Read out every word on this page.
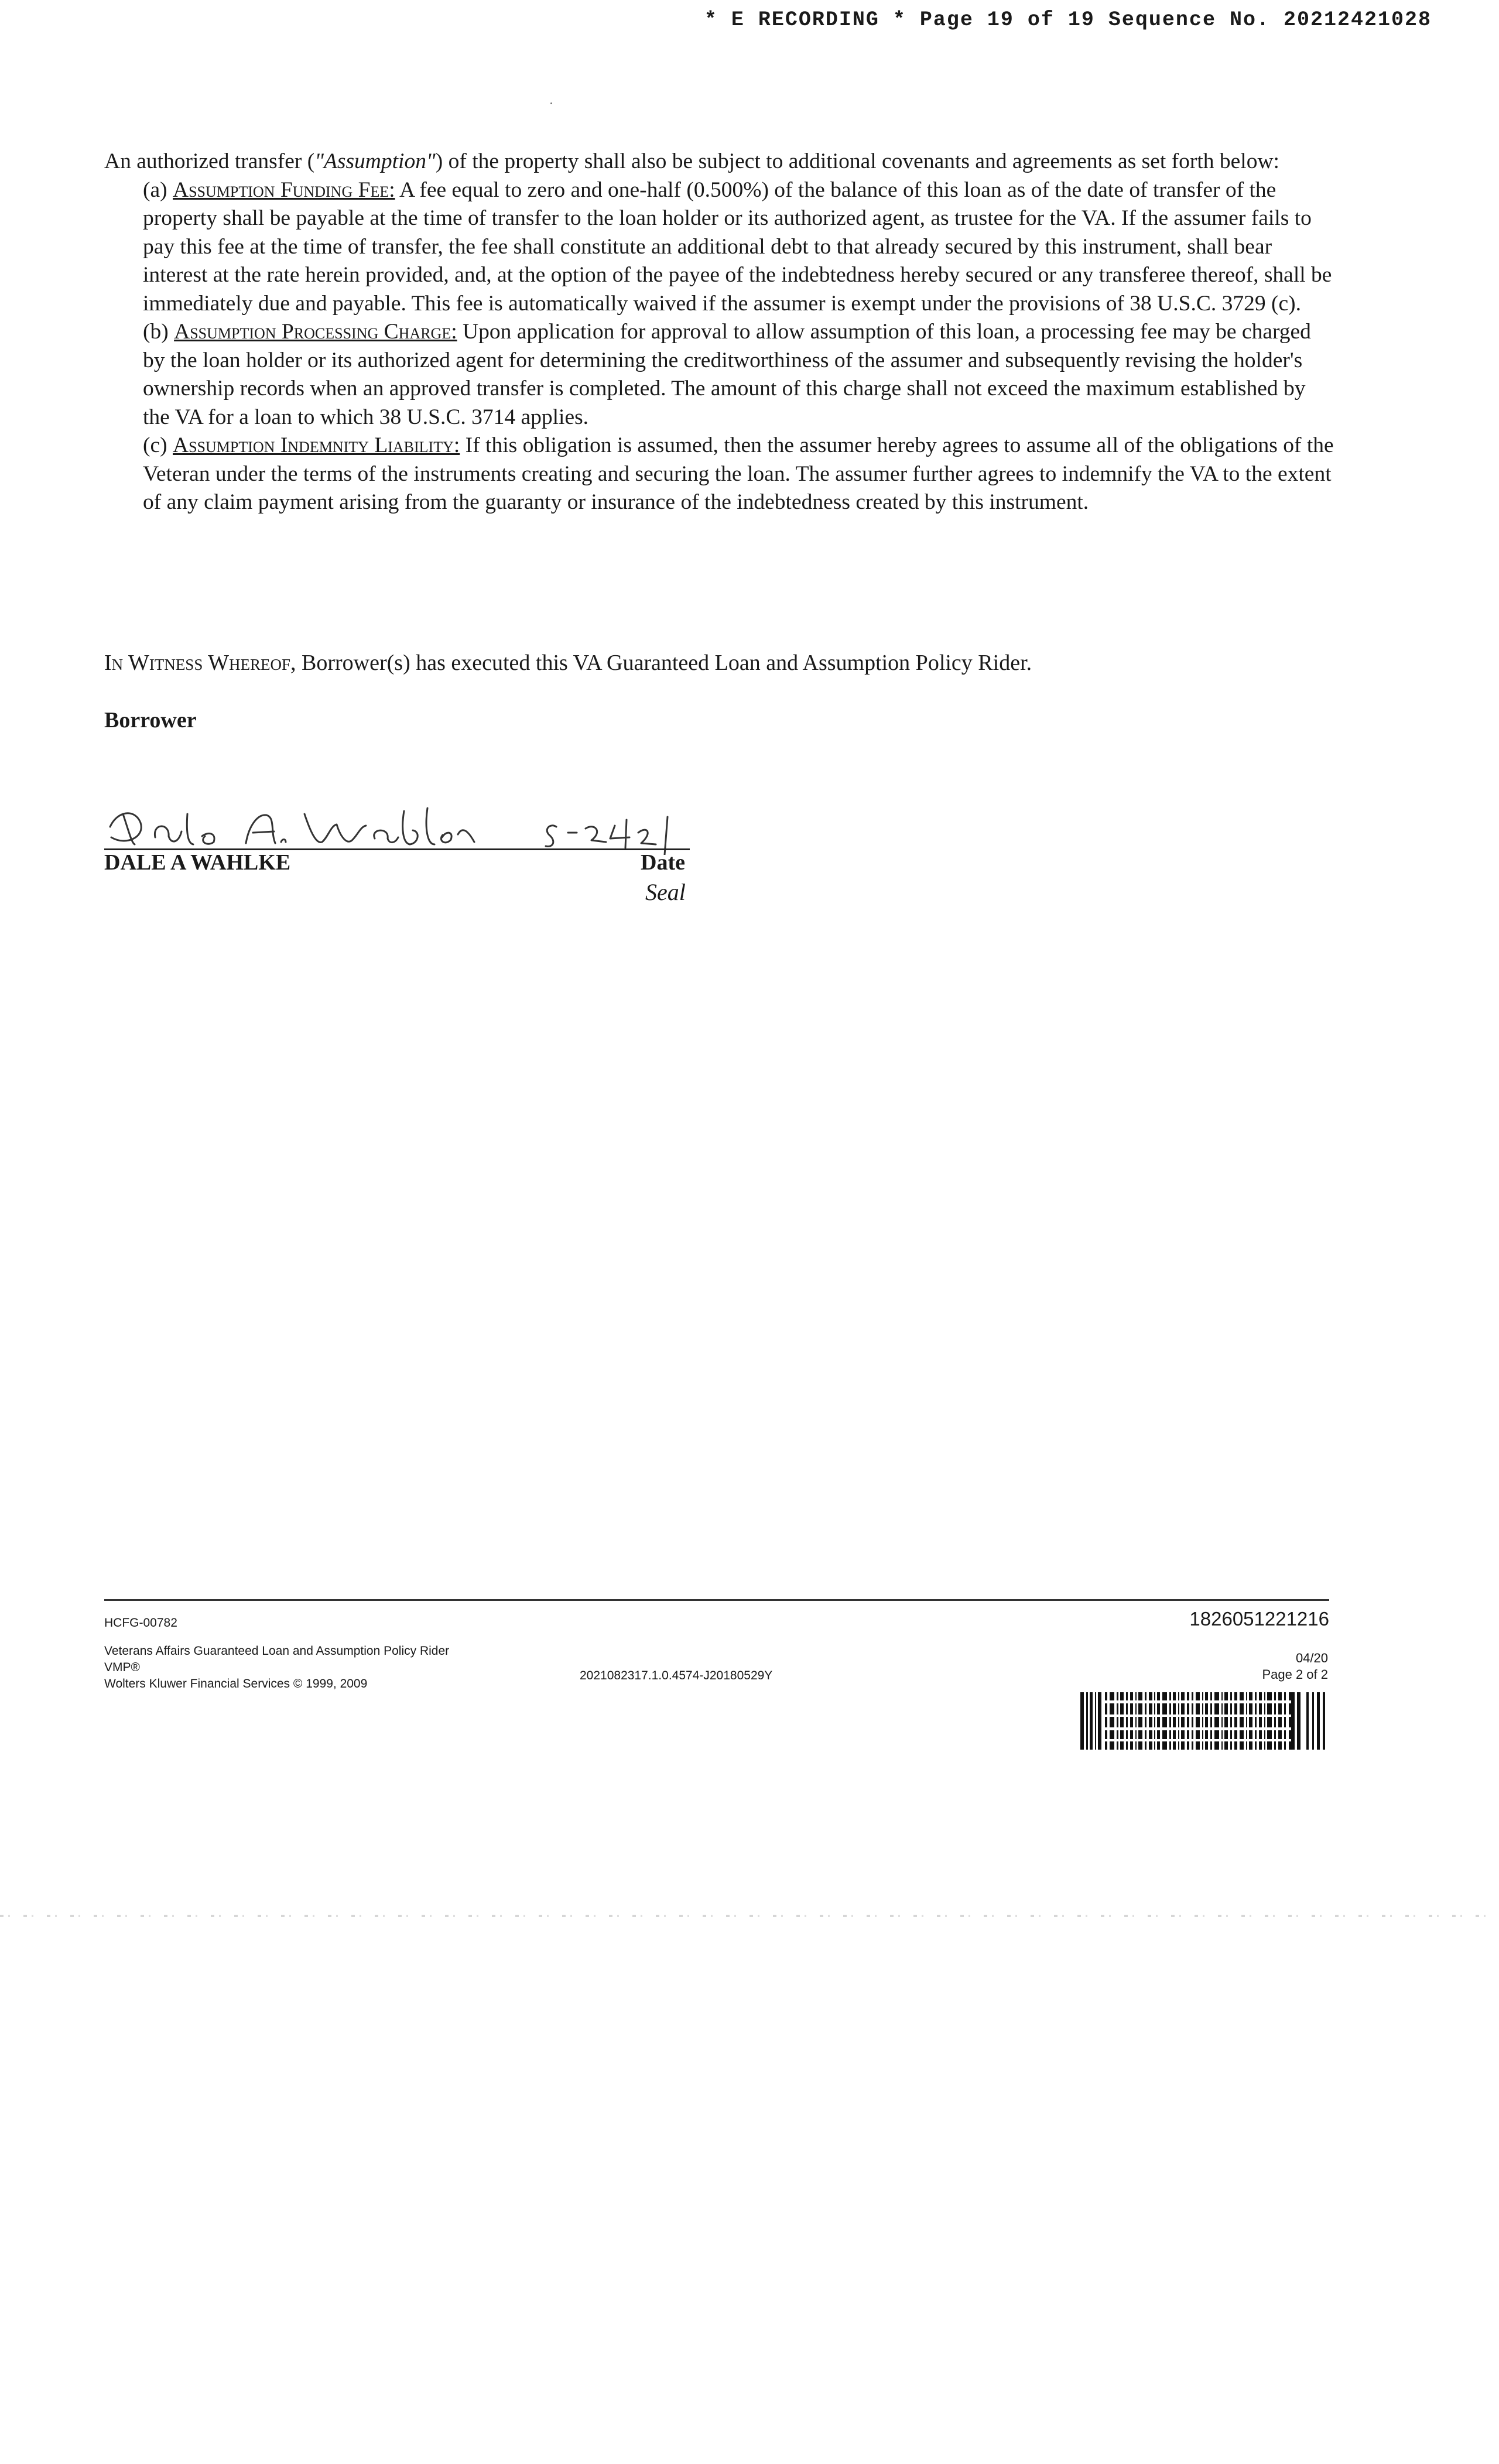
* E RECORDING * Page 19 of 19 Sequence No. 20212421028
An authorized transfer ("Assumption") of the property shall also be subject to additional covenants and agreements as set forth below:
(a) Assumption Funding Fee: A fee equal to zero and one-half (0.500%) of the balance of this loan as of the date of transfer of the property shall be payable at the time of transfer to the loan holder or its authorized agent, as trustee for the VA. If the assumer fails to pay this fee at the time of transfer, the fee shall constitute an additional debt to that already secured by this instrument, shall bear interest at the rate herein provided, and, at the option of the payee of the indebtedness hereby secured or any transferee thereof, shall be immediately due and payable. This fee is automatically waived if the assumer is exempt under the provisions of 38 U.S.C. 3729 (c).
(b) Assumption Processing Charge: Upon application for approval to allow assumption of this loan, a processing fee may be charged by the loan holder or its authorized agent for determining the creditworthiness of the assumer and subsequently revising the holder's ownership records when an approved transfer is completed. The amount of this charge shall not exceed the maximum established by the VA for a loan to which 38 U.S.C. 3714 applies.
(c) Assumption Indemnity Liability: If this obligation is assumed, then the assumer hereby agrees to assume all of the obligations of the Veteran under the terms of the instruments creating and securing the loan. The assumer further agrees to indemnify the VA to the extent of any claim payment arising from the guaranty or insurance of the indebtedness created by this instrument.
In Witness Whereof, Borrower(s) has executed this VA Guaranteed Loan and Assumption Policy Rider.
Borrower
DALE A WAHLKE	Date
Seal
HCFG-00782
Veterans Affairs Guaranteed Loan and Assumption Policy Rider
VMP®
Wolters Kluwer Financial Services © 1999, 2009
2021082317.1.0.4574-J20180529Y
1826051221216
04/20
Page 2 of 2
